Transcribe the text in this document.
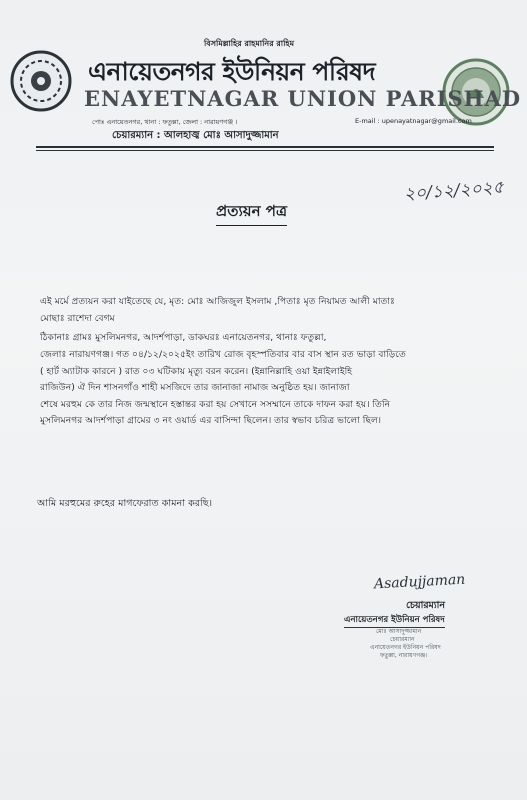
বিসমিল্লাহির রাহমানির রাহিম
এনায়েতনগর ইউনিয়ন পরিষদ
ENAYETNAGAR UNION PARISHAD
পোঃ এনায়েতনগর, থানা : ফতুল্লা, জেলা : নারায়ণগঞ্জ ।	E-mail : upenayatnagar@gmail.com
চেয়ারম্যান : আলহাজ্ব মোঃ আসাদুজ্জামান
২০/১২/২০২৫
প্রত্যয়ন পত্র
এই মর্মে প্রত্যয়ন করা যাইতেছে যে, মৃত: মোঃ আজিজুল ইসলাম ,পিতাঃ মৃত নিয়ামত আলী মাতাঃ
মোছাঃ রাশেদা বেগম
ঠিকানাঃ গ্রামঃ মুসলিমনগর, আদর্শপাড়া, ডাকঘরঃ এনায়েতনগর, থানাঃ ফতুল্লা,
জেলাঃ নারায়ণগঞ্জ। গত ০৪/১২/২০২৫ইং তারিখ রোজ বৃহস্পতিবার বার বাস স্থান রত ভাড়া বাড়িতে
( হার্ট অ্যাটাক কারনে ) রাত ০৩ ঘটিকায় মৃত্যু বরন করেন। (ইন্নানিল্লাহি ওয়া ইন্নাইলাইহি
রাজিউন) ঐ দিন শাসনগাঁও শাহী মসজিদে তার জানাজা নামাজ অনুষ্ঠিত হয়। জানাজা
শেষে মরহুম কে তার নিজ জন্মস্থানে হস্তান্তর করা হয় সেখানে সসম্মানে তাকে দাফন করা হয়। তিনি
মুসলিমনগর আদর্শপাড়া গ্রামের ৩ নং ওয়ার্ড এর বাসিন্দা ছিলেন। তার স্বভাব চরিত্র ভালো ছিল।
আমি মরহুমের রুহের মাগফেরাত কামনা করছি।
Asadujjaman
চেয়ারম্যান
এনায়েতনগর ইউনিয়ন পরিষদ
মোঃ আসাদুজ্জামান
চেয়ারম্যান
এনায়েতনগর ইউনিয়ন পরিষদ
ফতুল্লা, নারায়ণগঞ্জ।
